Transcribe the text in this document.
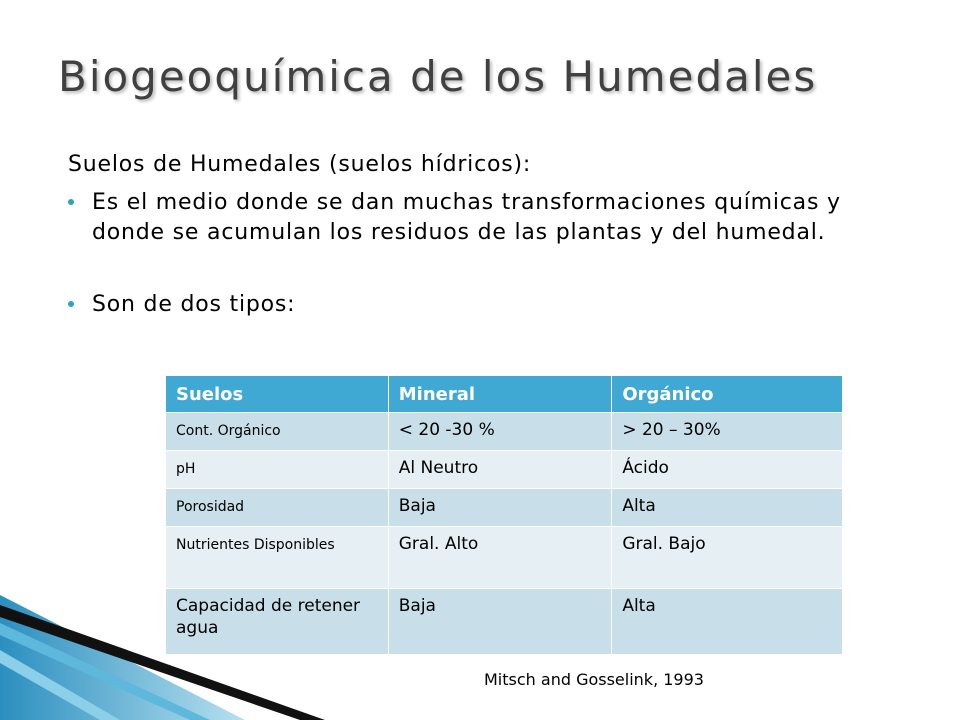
Biogeoquímica de los Humedales
Suelos de Humedales (suelos hídricos):
Es el medio donde se dan muchas transformaciones químicas y donde se acumulan los residuos de las plantas y del humedal.
Son de dos tipos:
Suelos	Mineral	Orgánico
Cont. Orgánico	< 20 -30 %	> 20 – 30%
pH	Al Neutro	Ácido
Porosidad	Baja	Alta
Nutrientes Disponibles	Gral. Alto	Gral. Bajo
Capacidad de retener agua	Baja	Alta
Mitsch and Gosselink, 1993
